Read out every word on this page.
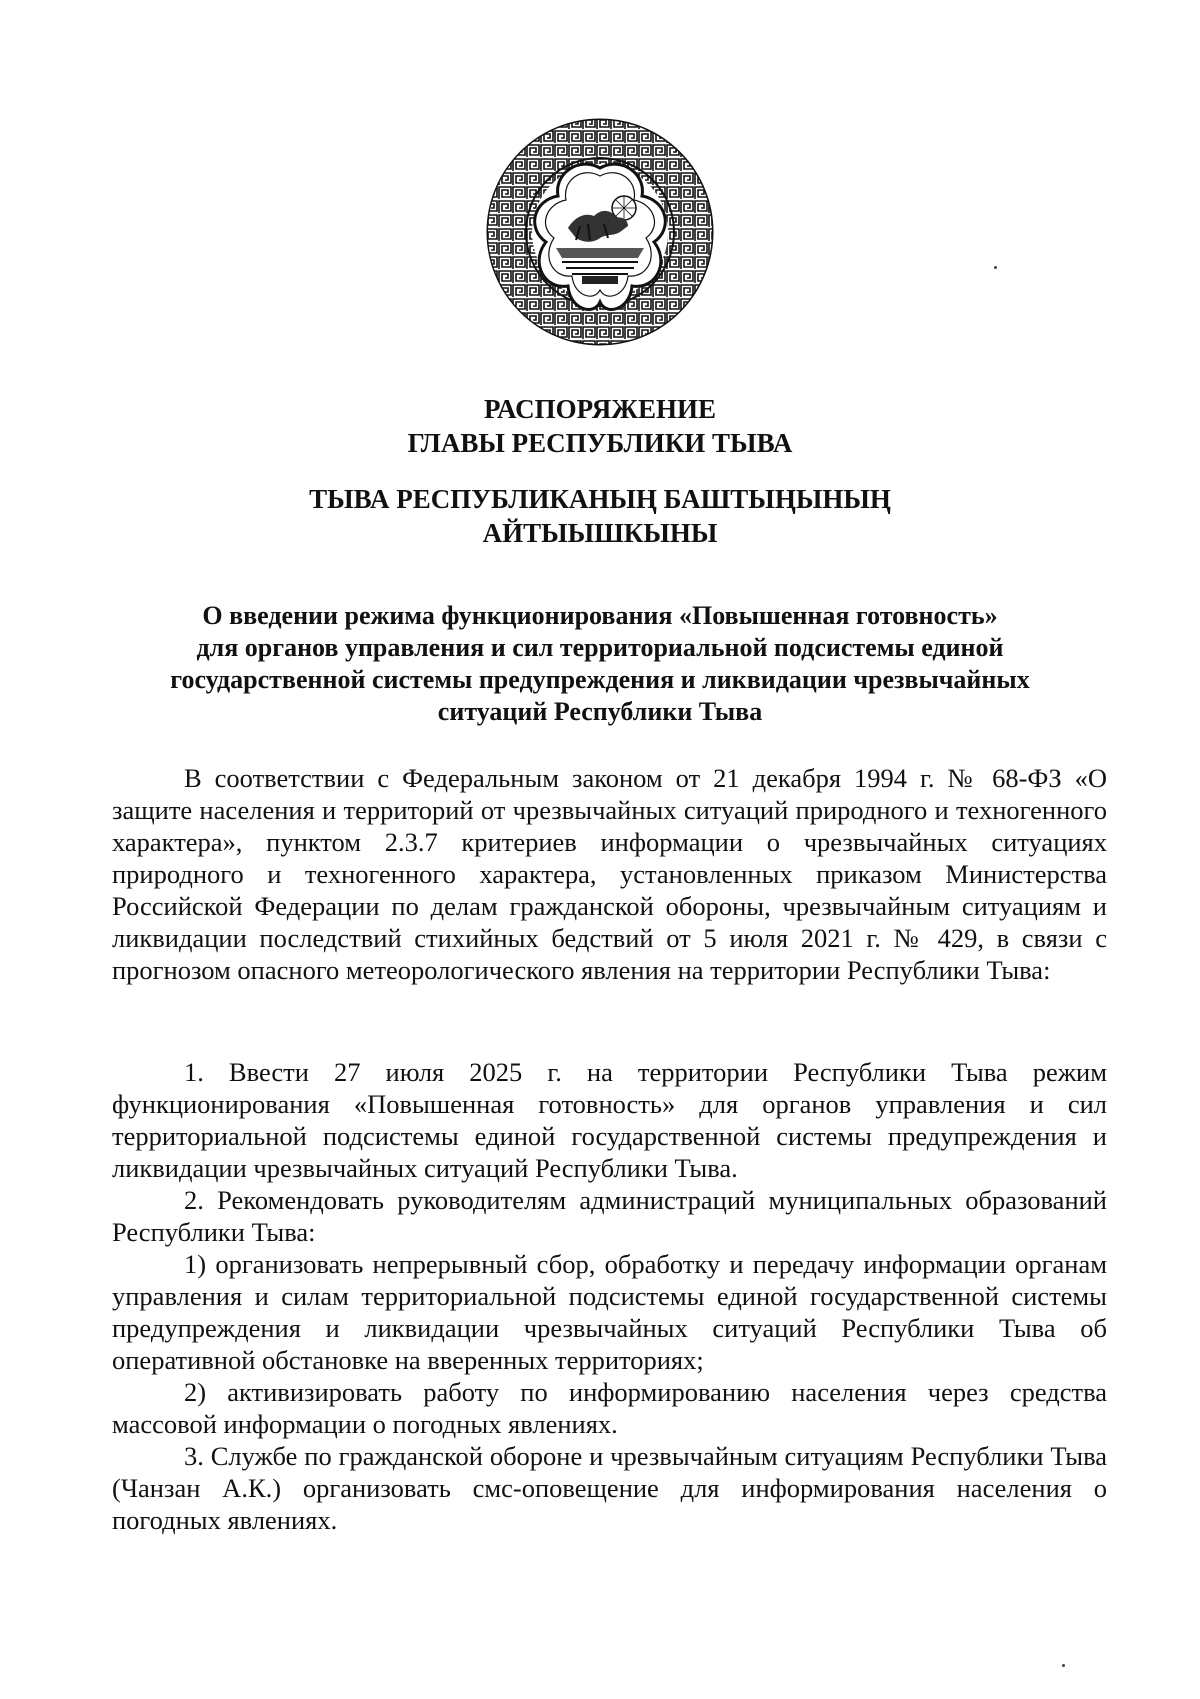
РАСПОРЯЖЕНИЕ
ГЛАВЫ РЕСПУБЛИКИ ТЫВА
ТЫВА РЕСПУБЛИКАНЫҢ БАШТЫҢЫНЫҢ
АЙТЫЫШКЫНЫ
О введении режима функционирования «Повышенная готовность»
для органов управления и сил территориальной подсистемы единой
государственной системы предупреждения и ликвидации чрезвычайных
ситуаций Республики Тыва

В соответствии с Федеральным законом от 21 декабря 1994 г. № 68-ФЗ «О защите населения и территорий от чрезвычайных ситуаций природного и техногенного характера», пунктом 2.3.7 критериев информации о чрезвычайных ситуациях природного и техногенного характера, установленных приказом Министерства Российской Федерации по делам гражданской обороны, чрезвычайным ситуациям и ликвидации последствий стихийных бедствий от 5 июля 2021 г. № 429, в связи с прогнозом опасного метеорологического явления на территории Республики Тыва:

1. Ввести 27 июля 2025 г. на территории Республики Тыва режим функционирования «Повышенная готовность» для органов управления и сил территориальной подсистемы единой государственной системы предупреждения и ликвидации чрезвычайных ситуаций Республики Тыва.

2. Рекомендовать руководителям администраций муниципальных образований Республики Тыва:

1) организовать непрерывный сбор, обработку и передачу информации органам управления и силам территориальной подсистемы единой государственной системы предупреждения и ликвидации чрезвычайных ситуаций Республики Тыва об оперативной обстановке на вверенных территориях;

2) активизировать работу по информированию населения через средства массовой информации о погодных явлениях.

3. Службе по гражданской обороне и чрезвычайным ситуациям Республики Тыва (Чанзан А.К.) организовать смс-оповещение для информирования населения о погодных явлениях.
